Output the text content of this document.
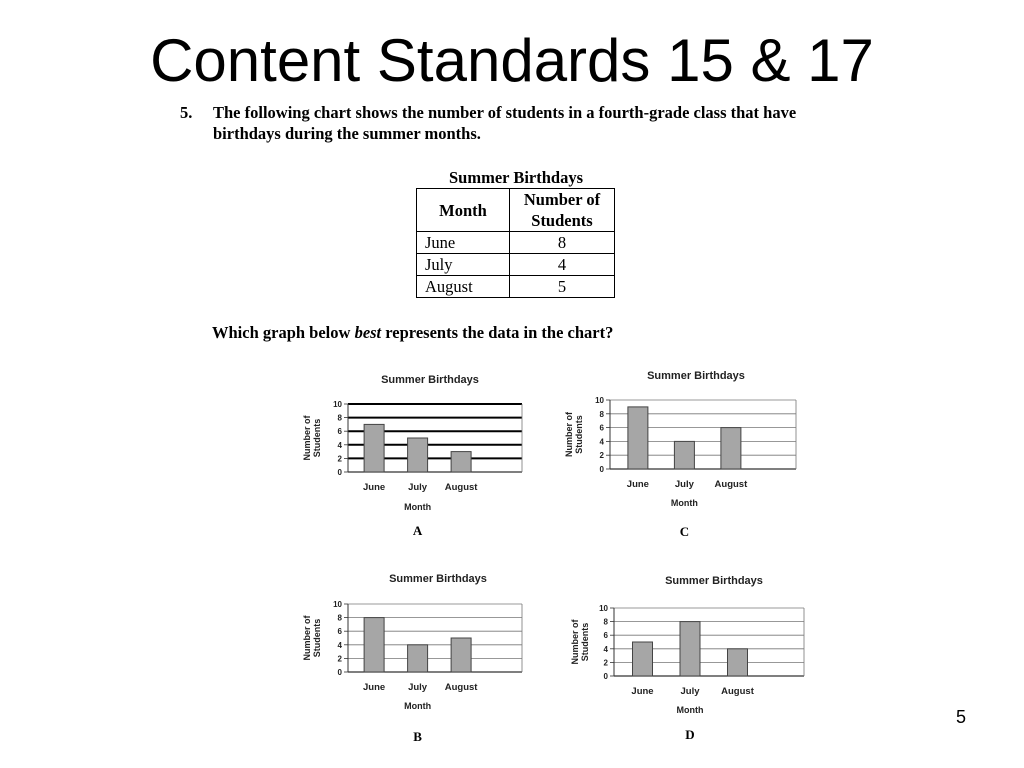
Content Standards 15 & 17
5. The following chart shows the number of students in a fourth-grade class that have birthdays during the summer months.
Summer Birthdays
Month	Number of Students
June	8
July	4
August	5
Which graph below best represents the data in the chart?
Summer Birthdays
0
2
4
6
8
10
June July August
Month
Number ofStudents
A
Summer Birthdays
0
2
4
6
8
10
June	July August
Month
Number ofStudents
C
Summer Birthdays
0
2
4
6
8
10
June July August
Month
Number ofStudents
B
Summer Birthdays
0
2
4
6
8
10
June	July August
Month
Number ofStudents
D
5
